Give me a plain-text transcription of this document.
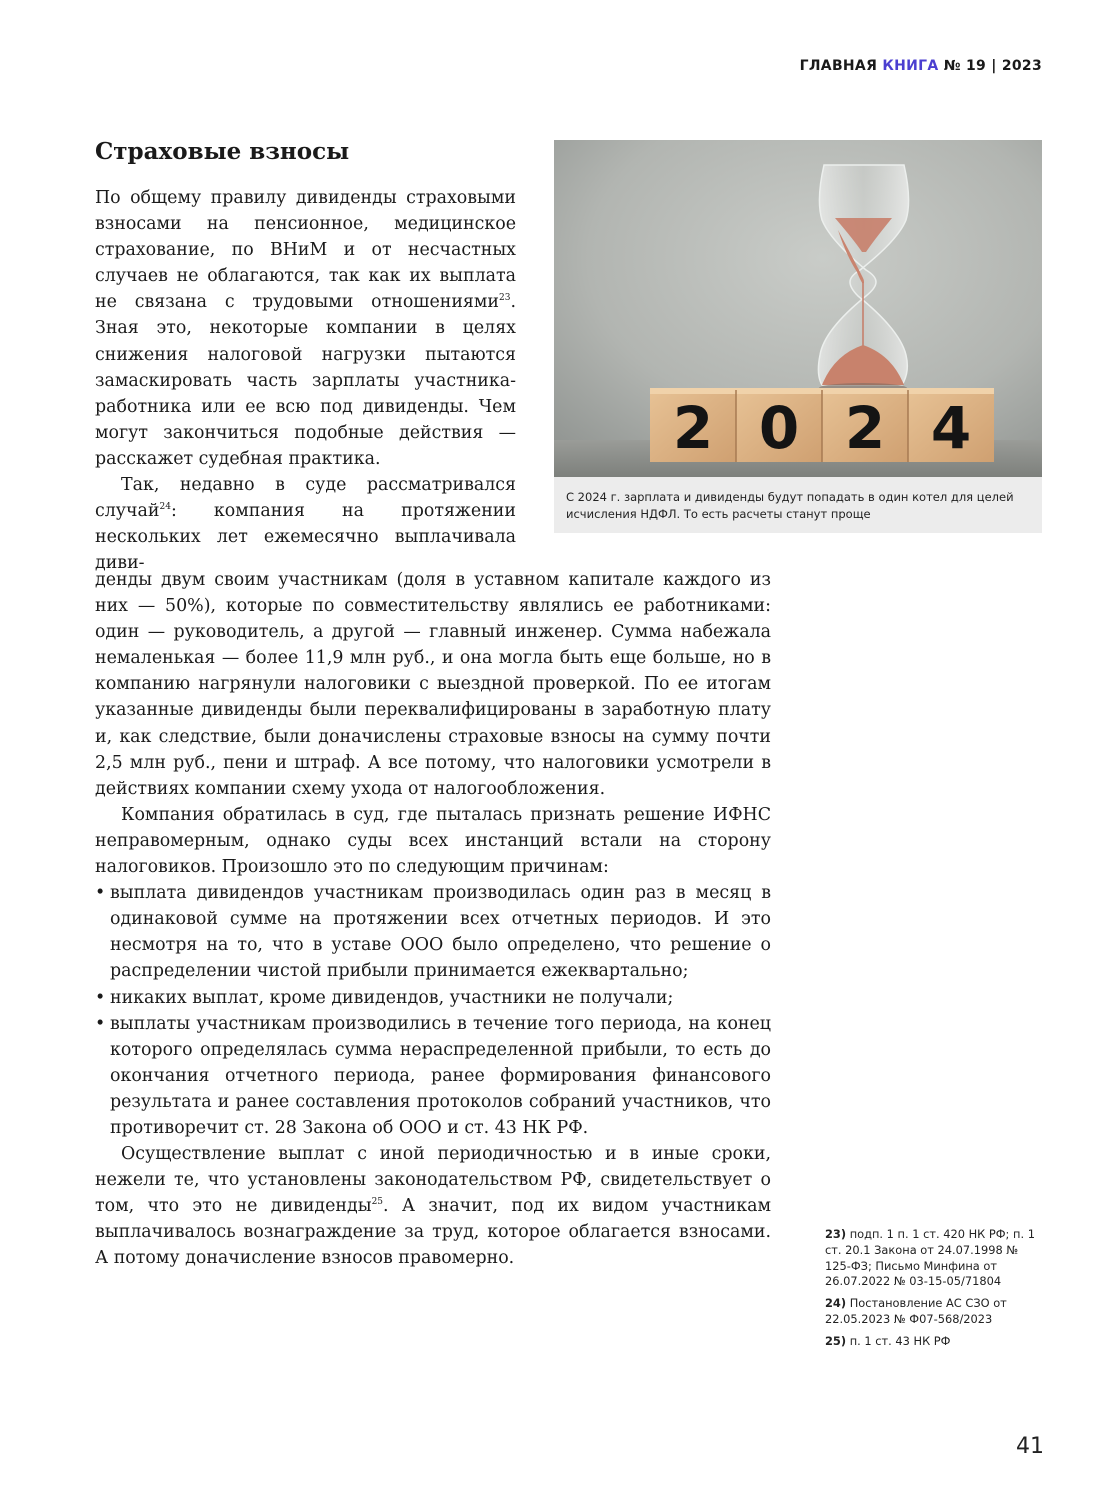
ГЛАВНАЯ КНИГА № 19 | 2023
Страховые взносы
2 0 2 4
С 2024 г. зарплата и дивиденды будут попадать в один котел для целей исчисления НДФЛ. То есть расчеты станут проще

По общему правилу дивиденды страховыми взносами на пенсионное, медицинское страхование, по ВНиМ и от несчастных случаев не облагаются, так как их выплата не связана с трудовыми отношениями$^{23}$. Зная это, некоторые компании в целях снижения налоговой нагрузки пытаются замаскировать часть зарплаты участника-работника или ее всю под дивиденды. Чем могут закончиться подобные действия — расскажет судебная практика.

Так, недавно в суде рассматривался случай$^{24}$: компания на протяжении нескольких лет ежемесячно выплачивала диви-

денды двум своим участникам (доля в уставном капитале каждого из них — 50%), которые по совместительству являлись ее работниками: один — руководитель, а другой — главный инженер. Сумма набежала немаленькая — более 11,9 млн руб., и она могла быть еще больше, но в компанию нагрянули налоговики с выездной проверкой. По ее итогам указанные дивиденды были переквалифицированы в заработную плату и, как следствие, были доначислены страховые взносы на сумму почти 2,5 млн руб., пени и штраф. А все потому, что налоговики усмотрели в действиях компании схему ухода от налогообложения.

Компания обратилась в суд, где пыталась признать решение ИФНС неправомерным, однако суды всех инстанций встали на сторону налоговиков. Произошло это по следующим причинам:

• выплата дивидендов участникам производилась один раз в месяц в одинаковой сумме на протяжении всех отчетных периодов. И это несмотря на то, что в уставе ООО было определено, что решение о распределении чистой прибыли принимается ежеквартально;
• никаких выплат, кроме дивидендов, участники не получали;
• выплаты участникам производились в течение того периода, на конец которого определялась сумма нераспределенной прибыли, то есть до окончания отчетного периода, ранее формирования финансового результата и ранее составления протоколов собраний участников, что противоречит ст. 28 Закона об ООО и ст. 43 НК РФ.

Осуществление выплат с иной периодичностью и в иные сроки, нежели те, что установлены законодательством РФ, свидетельствует о том, что это не дивиденды$^{25}$. А значит, под их видом участникам выплачивалось вознаграждение за труд, которое облагается взносами. А потому доначисление взносов правомерно.

23) подп. 1 п. 1 ст. 420 НК РФ; п. 1 ст. 20.1 Закона от 24.07.1998 № 125-ФЗ; Письмо Минфина от 26.07.2022 № 03-15-05/71804
24) Постановление АС СЗО от 22.05.2023 № Ф07-568/2023
25) п. 1 ст. 43 НК РФ
41
